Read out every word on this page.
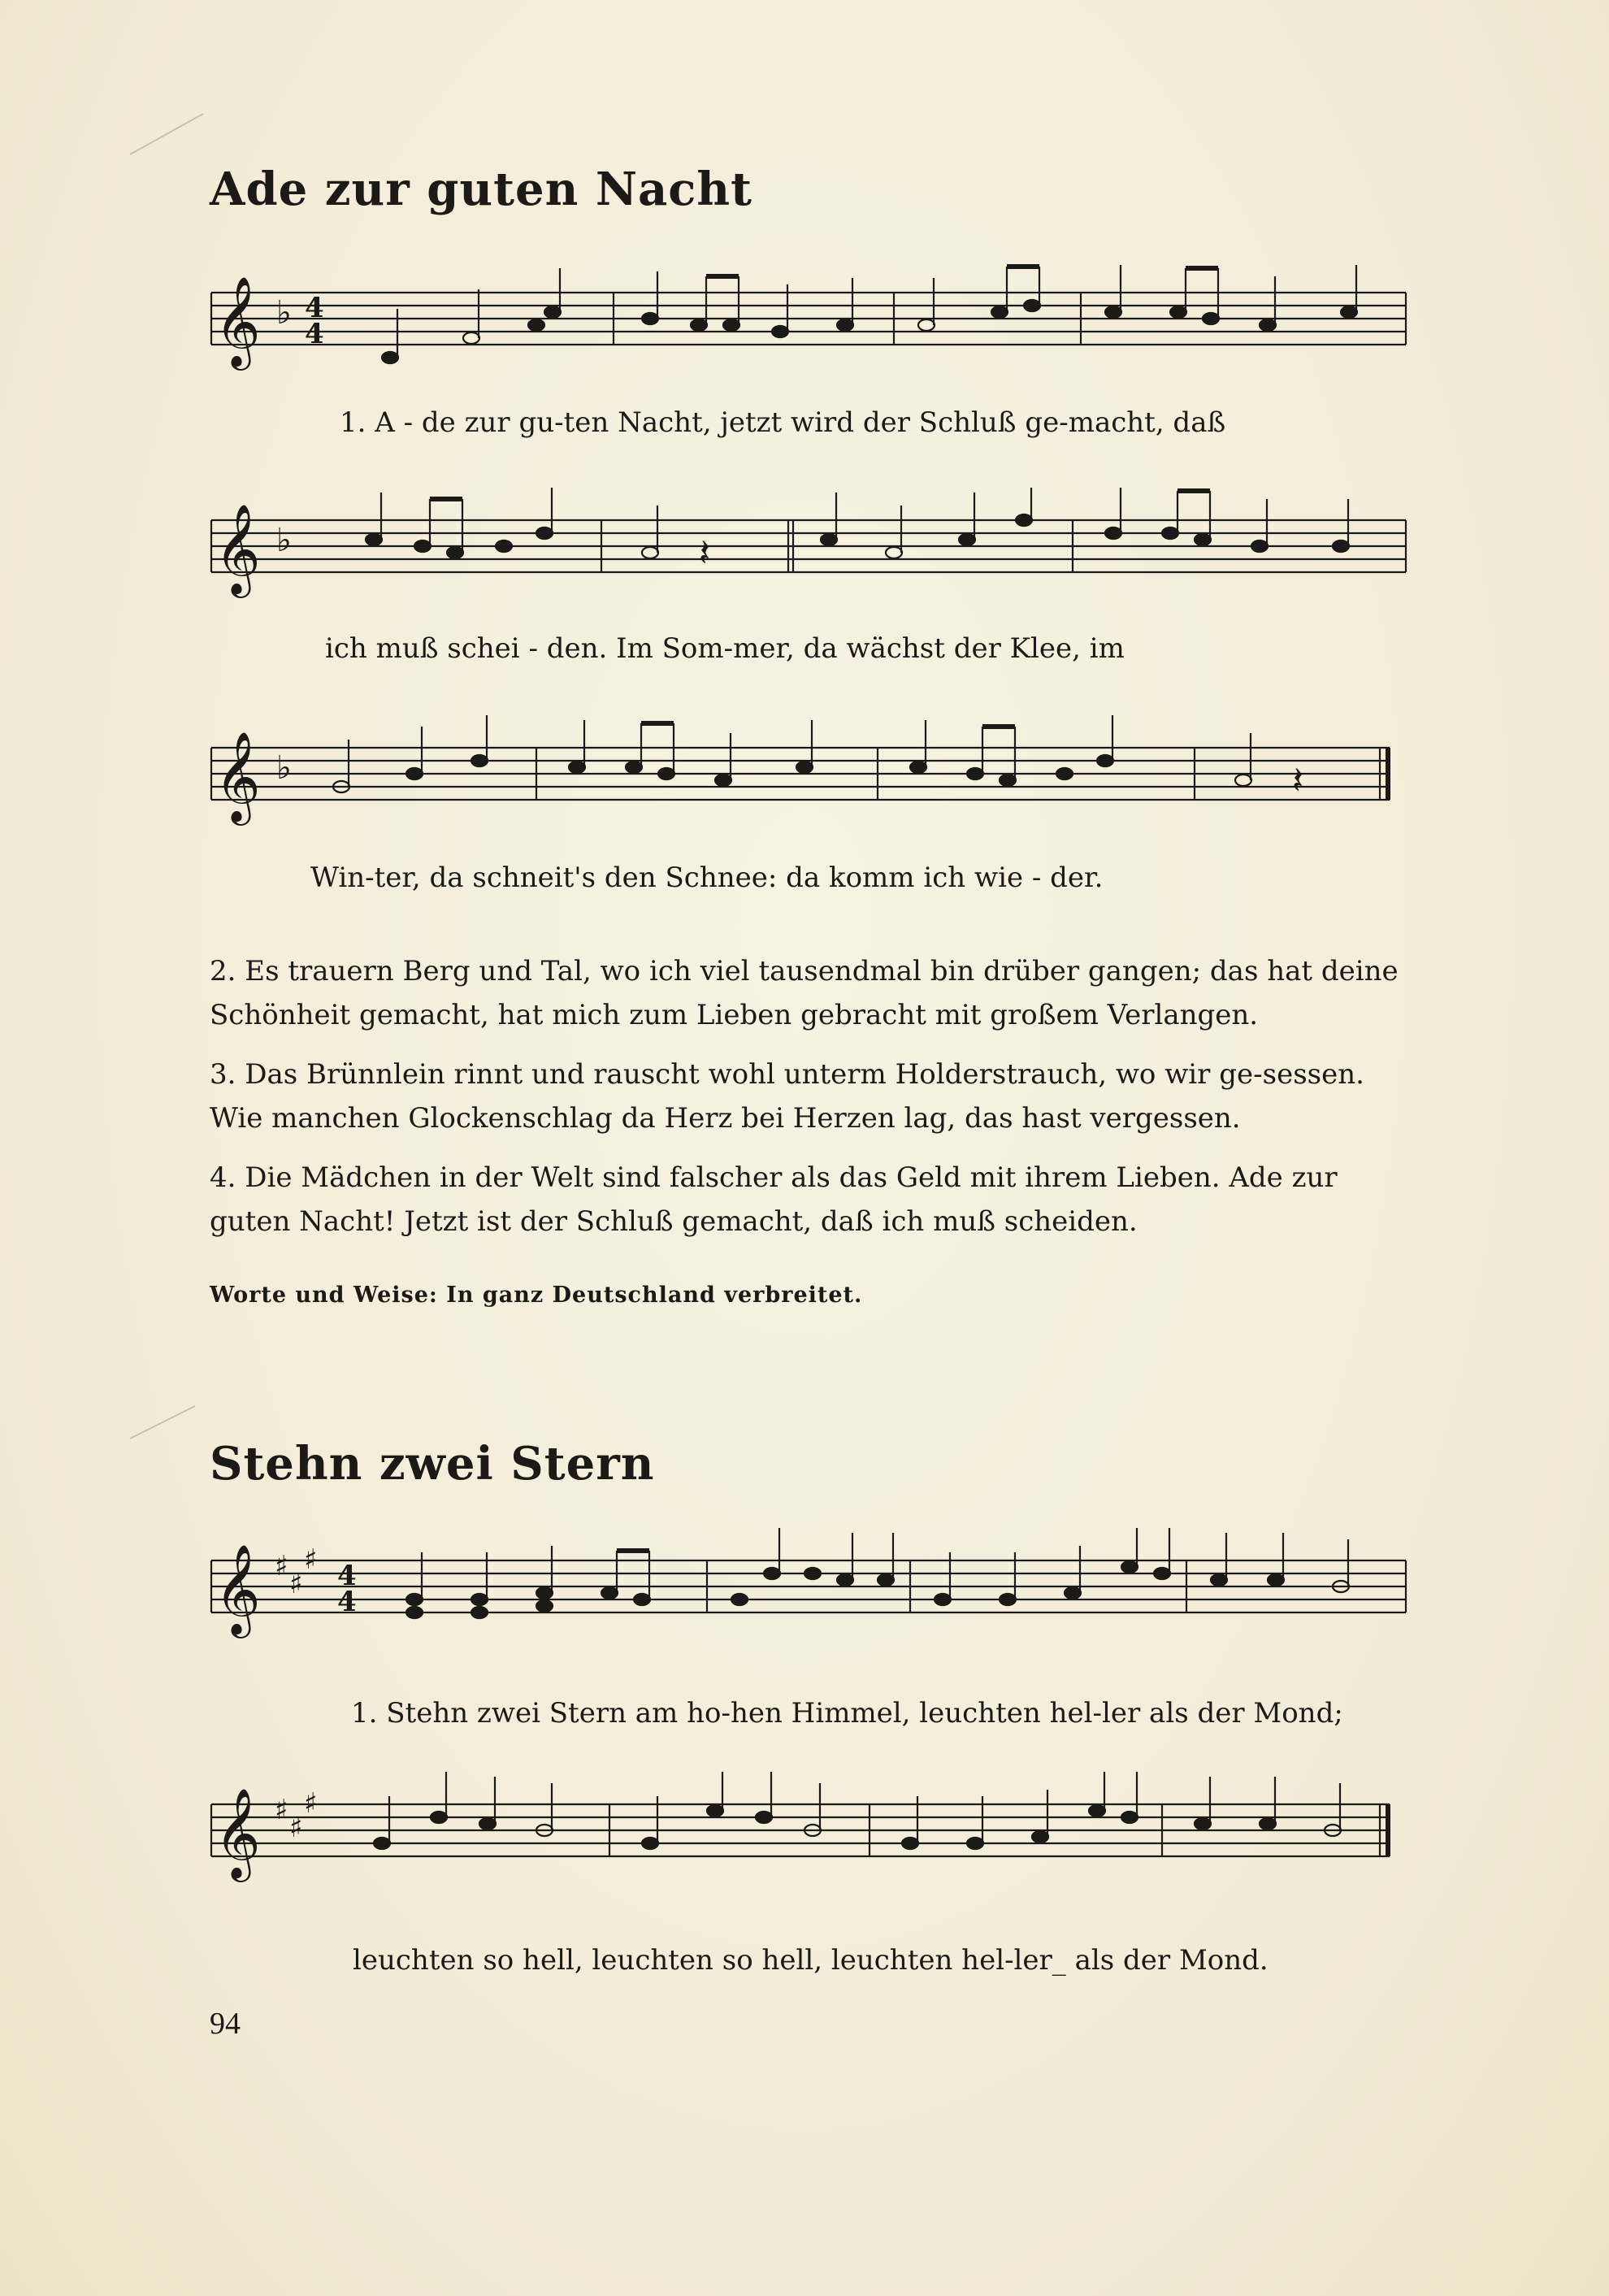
Ade zur guten Nacht
𝄞 ♭ 4
4
1. A - de zur gu-ten Nacht, jetzt wird der Schluß ge-macht, daß
𝄞 ♭	𝄽
ich muß schei - den. Im Som-mer, da wächst der Klee, im
𝄞 ♭	𝄽
Win-ter, da schneit's den Schnee: da komm ich wie - der.
2. Es trauern Berg und Tal, wo ich viel tausendmal bin drüber gangen; das hat deine Schönheit gemacht, hat mich zum Lieben gebracht mit großem Verlangen.
3. Das Brünnlein rinnt und rauscht wohl unterm Holderstrauch, wo wir ge-sessen. Wie manchen Glockenschlag da Herz bei Herzen lag, das hast vergessen.
4. Die Mädchen in der Welt sind falscher als das Geld mit ihrem Lieben. Ade zur guten Nacht! Jetzt ist der Schluß gemacht, daß ich muß scheiden.
Worte und Weise: In ganz Deutschland verbreitet.
Stehn zwei Stern
𝄞 ♯
♯
♯ 4
4
1. Stehn zwei Stern am ho-hen Himmel, leuchten hel-ler als der Mond;
𝄞 ♯
♯
♯
leuchten so hell, leuchten so hell, leuchten hel-ler_ als der Mond.
94
